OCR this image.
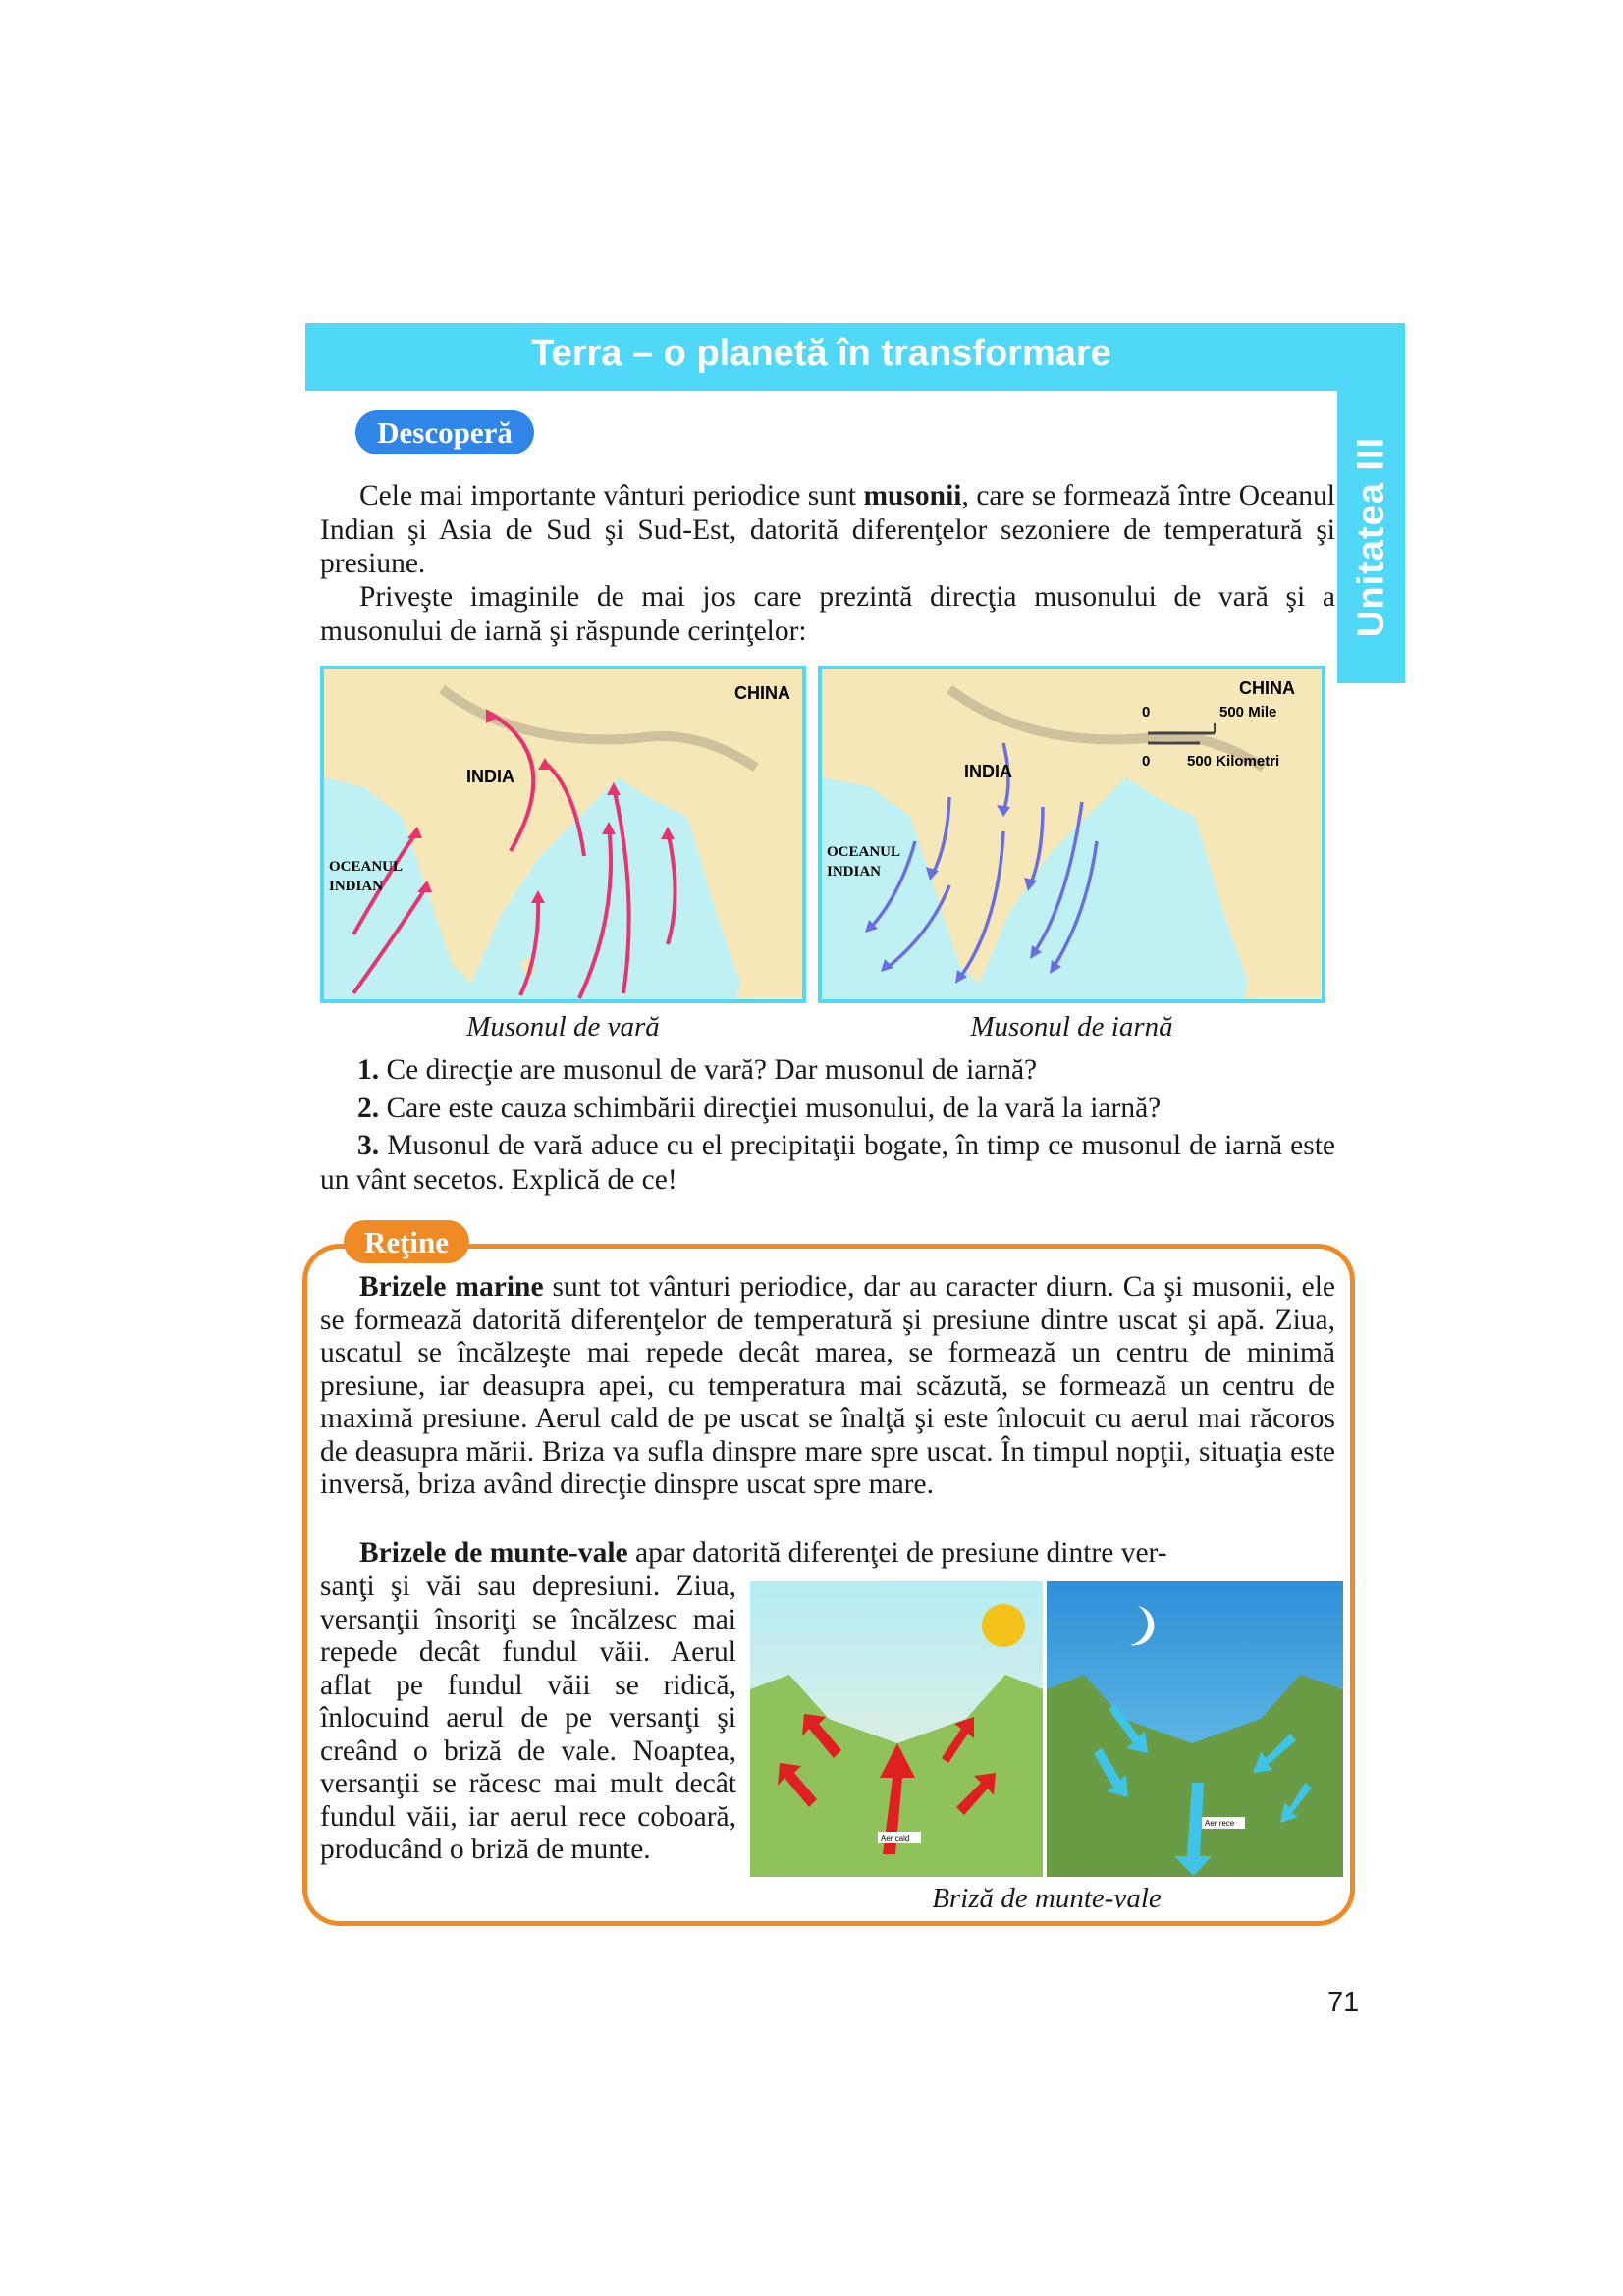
Terra – o planetă în transformare
Unitatea III
Descoperă
Cele mai importante vânturi periodice sunt musonii, care se formează între Oceanul Indian şi Asia de Sud şi Sud-Est, datorită diferenţelor sezoniere de temperatură şi presiune.
Priveşte imaginile de mai jos care prezintă direcţia musonului de vară şi a musonului de iarnă şi răspunde cerinţelor:
CHINA
INDIA
OCEANUL
INDIAN
CHINA
INDIA
OCEANUL
INDIAN
0	500 Mile
0	500 Kilometri
Musonul de vară	Musonul de iarnă
1. Ce direcţie are musonul de vară? Dar musonul de iarnă?
2. Care este cauza schimbării direcţiei musonului, de la vară la iarnă?
3. Musonul de vară aduce cu el precipitaţii bogate, în timp ce musonul de iarnă este un vânt secetos. Explică de ce!
Reţine
Brizele marine sunt tot vânturi periodice, dar au caracter diurn. Ca şi musonii, ele se formează datorită diferenţelor de temperatură şi presiune dintre uscat şi apă. Ziua, uscatul se încălzeşte mai repede decât marea, se formează un centru de minimă presiune, iar deasupra apei, cu temperatura mai scăzută, se formează un centru de maximă presiune. Aerul cald de pe uscat se înalţă şi este înlocuit cu aerul mai răcoros de deasupra mării. Briza va sufla dinspre mare spre uscat. În timpul nopţii, situaţia este inversă, briza având direcţie dinspre uscat spre mare.
Brizele de munte-vale apar datorită diferenţei de presiune dintre ver-
sanţi şi văi sau depresiuni. Ziua, versanţii însoriţi se încălzesc mai repede decât fundul văii. Aerul aflat pe fundul văii se ridică, înlocuind aerul de pe versanţi şi creând o briză de vale. Noaptea, versanţii se răcesc mai mult decât fundul văii, iar aerul rece coboară, producând o briză de munte.	Aer cald
Aer rece
Briză de munte-vale
71
